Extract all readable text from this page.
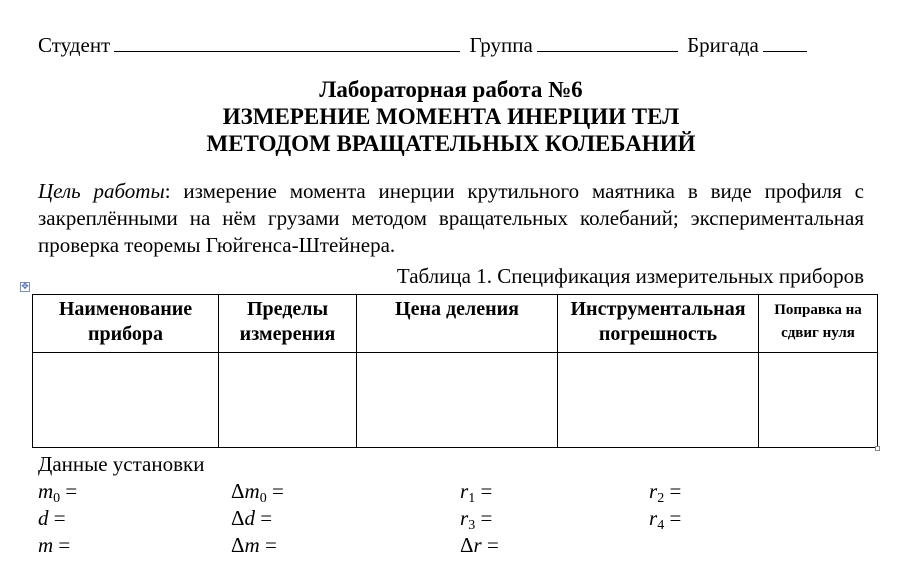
Студент	Группа	Бригада
Лабораторная работа №6
ИЗМЕРЕНИЕ МОМЕНТА ИНЕРЦИИ ТЕЛ
МЕТОДОМ ВРАЩАТЕЛЬНЫХ КОЛЕБАНИЙ
Цель работы: измерение момента инерции крутильного маятника в виде профиля с закреплёнными на нём грузами методом вращательных колебаний; экспериментальная проверка теоремы Гюйгенса-Штейнера.
Таблица 1. Спецификация измерительных приборов
✥
Наименование прибора	Пределы измерения	Цена деления	Инструментальная погрешность	Поправка на сдвиг нуля

Данные установки
$m_0$ =	$\Delta m_0$ =	$r_1$ =	$r_2$ =
d =	Δd =	$r_3$ =	$r_4$ =
m =	Δm =	Δr =
